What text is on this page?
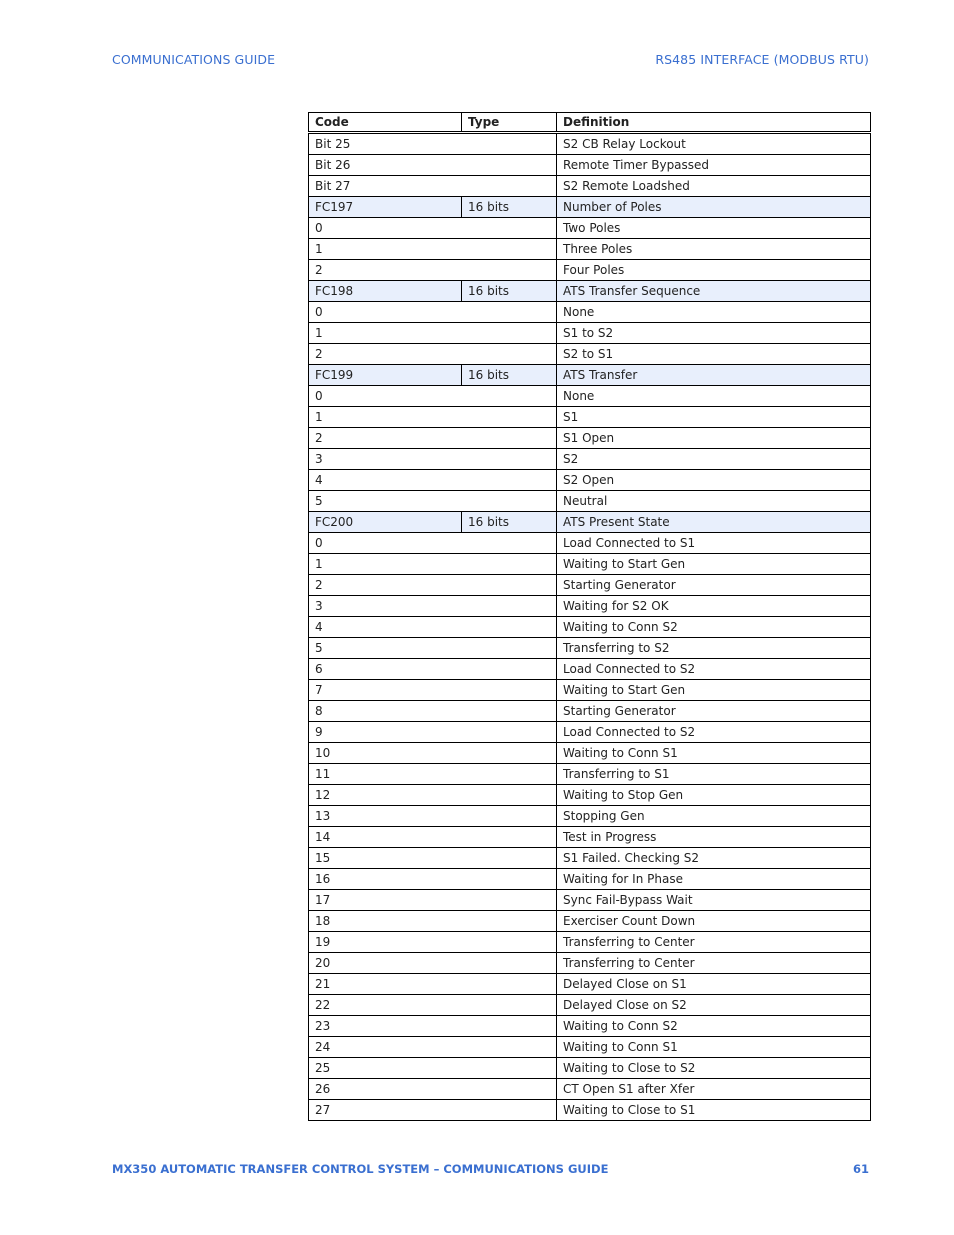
COMMUNICATIONS GUIDE	RS485 INTERFACE (MODBUS RTU)
Code	Type	Definition
Bit 25		S2 CB Relay Lockout
Bit 26		Remote Timer Bypassed
Bit 27		S2 Remote Loadshed
FC197	16 bits	Number of Poles
0		Two Poles
1		Three Poles
2		Four Poles
FC198	16 bits	ATS Transfer Sequence
0		None
1		S1 to S2
2		S2 to S1
FC199	16 bits	ATS Transfer
0		None
1		S1
2		S1 Open
3		S2
4		S2 Open
5		Neutral
FC200	16 bits	ATS Present State
0		Load Connected to S1
1		Waiting to Start Gen
2		Starting Generator
3		Waiting for S2 OK
4		Waiting to Conn S2
5		Transferring to S2
6		Load Connected to S2
7		Waiting to Start Gen
8		Starting Generator
9		Load Connected to S2
10		Waiting to Conn S1
11		Transferring to S1
12		Waiting to Stop Gen
13		Stopping Gen
14		Test in Progress
15		S1 Failed. Checking S2
16		Waiting for In Phase
17		Sync Fail-Bypass Wait
18		Exerciser Count Down
19		Transferring to Center
20		Transferring to Center
21		Delayed Close on S1
22		Delayed Close on S2
23		Waiting to Conn S2
24		Waiting to Conn S1
25		Waiting to Close to S2
26		CT Open S1 after Xfer
27		Waiting to Close to S1
MX350 AUTOMATIC TRANSFER CONTROL SYSTEM – COMMUNICATIONS GUIDE	61
